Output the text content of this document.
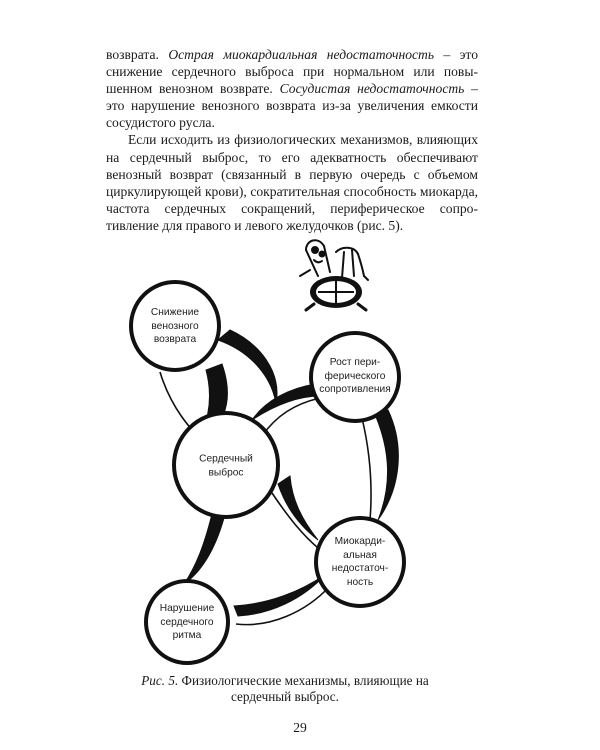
возврата. Острая миокардиальная недостаточность – это снижение сердечного выброса при нормальном или повышенном венозном возврате. Сосудистая недостаточность – это нарушение венозного возврата из-за увеличения емкости сосудистого русла.

Если исходить из физиологических механизмов, влияющих на сердечный выброс, то его адекватность обеспечивают венозный возврат (связанный в первую очередь с объемом циркулирующей крови), сократительная способность миокарда, частота сердечных сокращений, периферическое сопротивление для правого и левого желудочков (рис. 5).

Снижение
венозного
возврата
Рост пери-
ферического
сопротивления
Сердечный
выброс
Миокарди-
альная
недостаточ-
ность
Нарушение
сердечного
ритма
Рис. 5. Физиологические механизмы, влияющие на сердечный выброс.
29
